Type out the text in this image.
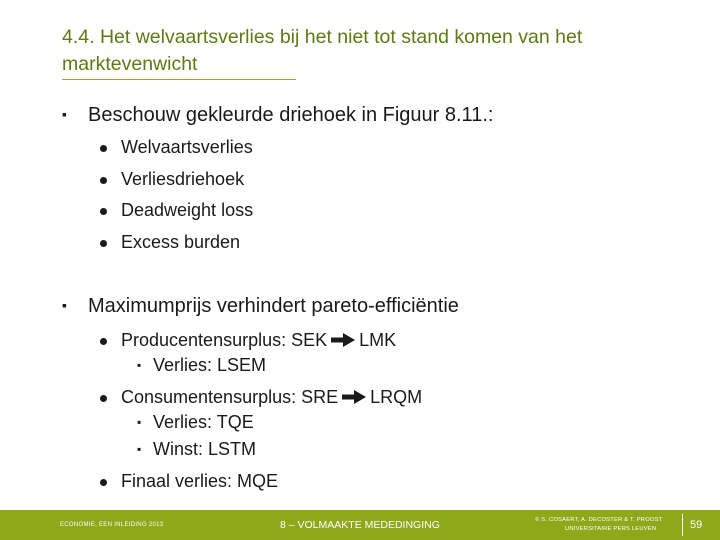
4.4. Het welvaartsverlies bij het niet tot stand komen van het marktevenwicht
▪ Beschouw gekleurde driehoek in Figuur 8.11.:
Welvaartsverlies
Verliesdriehoek
Deadweight loss
Excess burden
▪ Maximumprijs verhindert pareto-efficiëntie
Producentensurplus: SEK LMK
▪ Verlies: LSEM
Consumentensurplus: SRE LRQM
▪ Verlies: TQE
▪ Winst: LSTM
Finaal verlies: MQE
ECONOMIE, EEN INLEIDING 2013	8 – VOLMAAKTE MEDEDINGING	© S. COSAERT, A. DECOSTER & T. PROOST
UNIVERSITAIRE PERS LEUVEN	59
